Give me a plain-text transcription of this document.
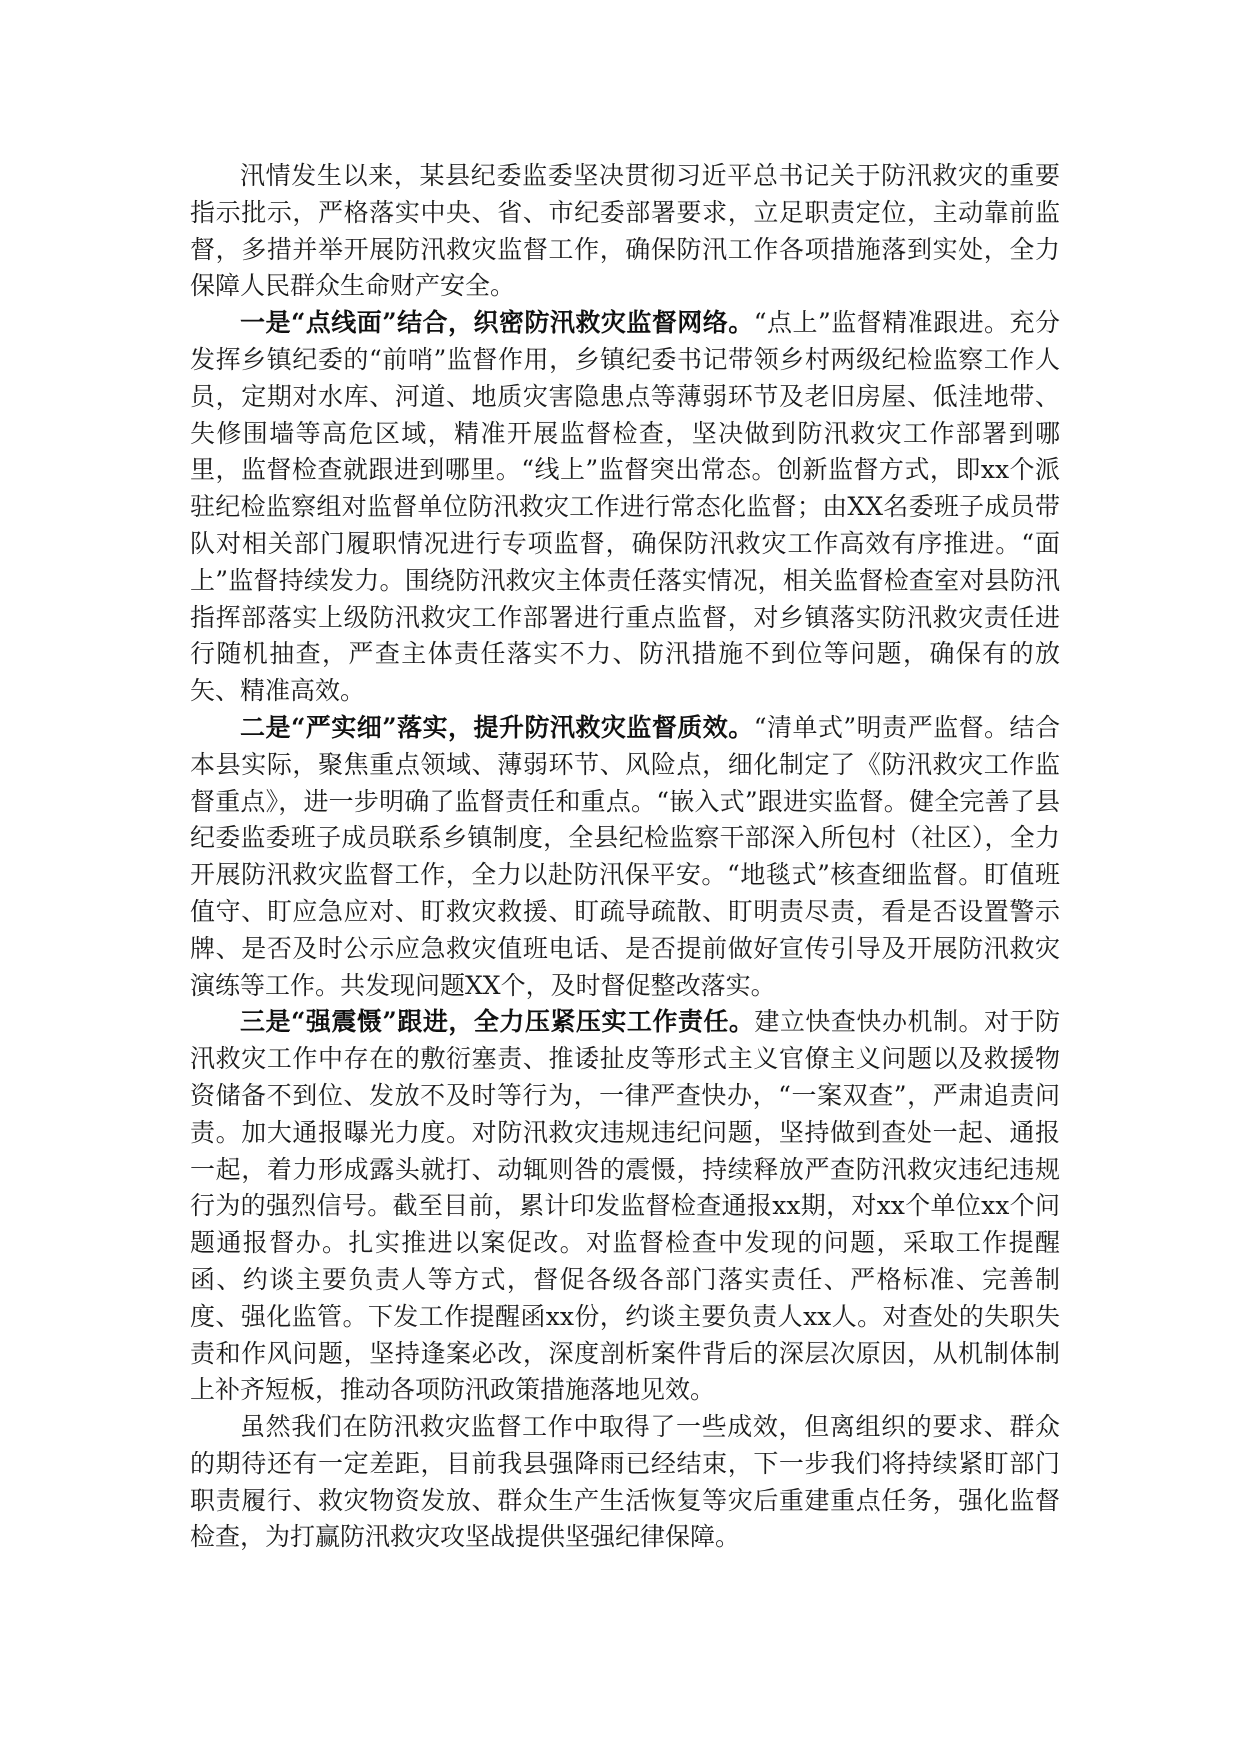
汛情发生以来，某县纪委监委坚决贯彻习近平总书记关于防汛救灾的重要指示批示，严格落实中央、省、市纪委部署要求，立足职责定位，主动靠前监督，多措并举开展防汛救灾监督工作，确保防汛工作各项措施落到实处，全力保障人民群众生命财产安全。

一是“点线面”结合，织密防汛救灾监督网络。“点上”监督精准跟进。充分发挥乡镇纪委的“前哨”监督作用，乡镇纪委书记带领乡村两级纪检监察工作人员，定期对水库、河道、地质灾害隐患点等薄弱环节及老旧房屋、低洼地带、失修围墙等高危区域，精准开展监督检查，坚决做到防汛救灾工作部署到哪里，监督检查就跟进到哪里。“线上”监督突出常态。创新监督方式，即xx个派驻纪检监察组对监督单位防汛救灾工作进行常态化监督；由XX名委班子成员带队对相关部门履职情况进行专项监督，确保防汛救灾工作高效有序推进。“面上”监督持续发力。围绕防汛救灾主体责任落实情况，相关监督检查室对县防汛指挥部落实上级防汛救灾工作部署进行重点监督，对乡镇落实防汛救灾责任进行随机抽查，严查主体责任落实不力、防汛措施不到位等问题，确保有的放矢、精准高效。

二是“严实细”落实，提升防汛救灾监督质效。“清单式”明责严监督。结合本县实际，聚焦重点领域、薄弱环节、风险点，细化制定了《防汛救灾工作监督重点》，进一步明确了监督责任和重点。“嵌入式”跟进实监督。健全完善了县纪委监委班子成员联系乡镇制度，全县纪检监察干部深入所包村（社区），全力开展防汛救灾监督工作，全力以赴防汛保平安。“地毯式”核查细监督。盯值班值守、盯应急应对、盯救灾救援、盯疏导疏散、盯明责尽责，看是否设置警示牌、是否及时公示应急救灾值班电话、是否提前做好宣传引导及开展防汛救灾演练等工作。共发现问题XX个，及时督促整改落实。

三是“强震慑”跟进，全力压紧压实工作责任。建立快查快办机制。对于防汛救灾工作中存在的敷衍塞责、推诿扯皮等形式主义官僚主义问题以及救援物资储备不到位、发放不及时等行为，一律严查快办，“一案双查”，严肃追责问责。加大通报曝光力度。对防汛救灾违规违纪问题，坚持做到查处一起、通报一起，着力形成露头就打、动辄则咎的震慑，持续释放严查防汛救灾违纪违规行为的强烈信号。截至目前，累计印发监督检查通报xx期，对xx个单位xx个问题通报督办。扎实推进以案促改。对监督检查中发现的问题，采取工作提醒函、约谈主要负责人等方式，督促各级各部门落实责任、严格标准、完善制度、强化监管。下发工作提醒函xx份，约谈主要负责人xx人。对查处的失职失责和作风问题，坚持逢案必改，深度剖析案件背后的深层次原因，从机制体制上补齐短板，推动各项防汛政策措施落地见效。

虽然我们在防汛救灾监督工作中取得了一些成效，但离组织的要求、群众的期待还有一定差距，目前我县强降雨已经结束，下一步我们将持续紧盯部门职责履行、救灾物资发放、群众生产生活恢复等灾后重建重点任务，强化监督检查，为打赢防汛救灾攻坚战提供坚强纪律保障。
